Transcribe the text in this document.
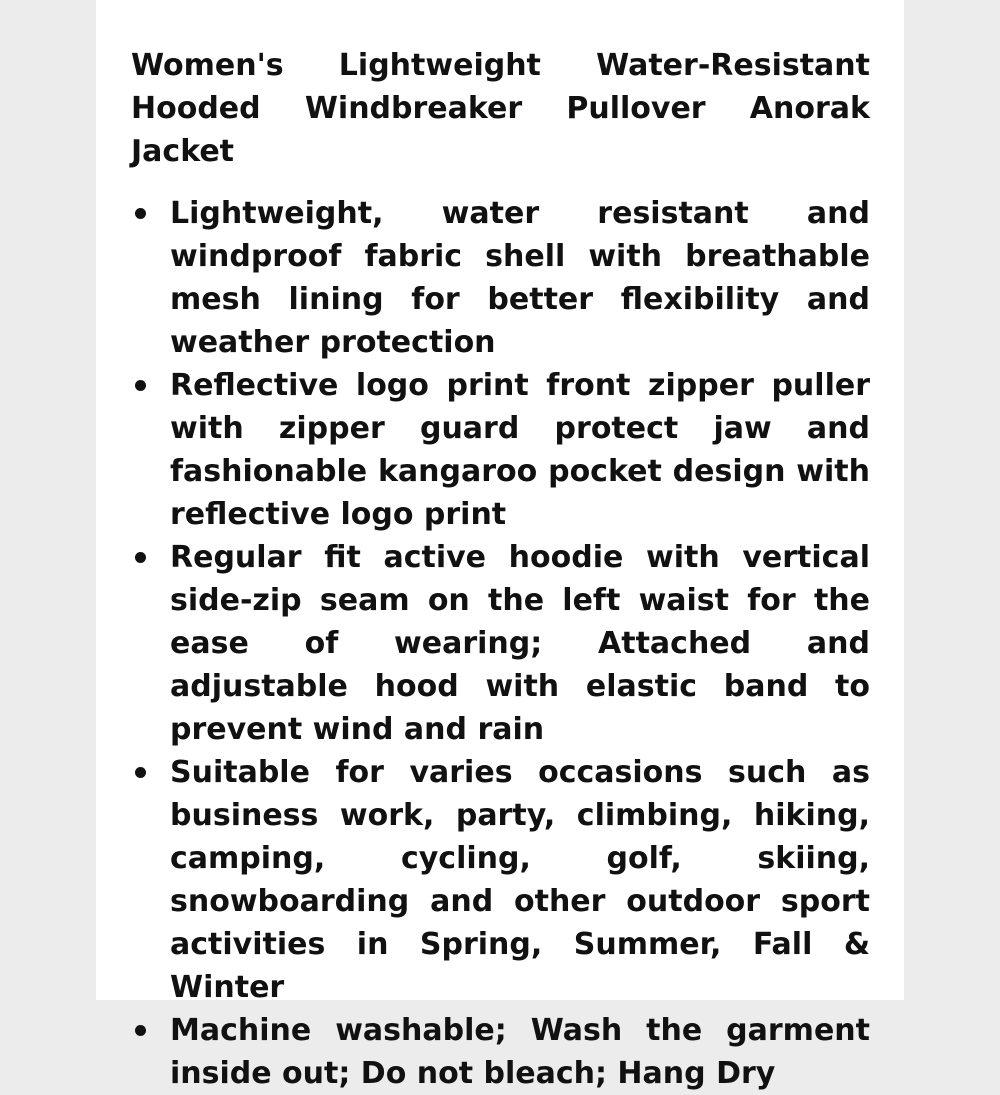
Women's Lightweight Water-Resistant Hooded Windbreaker Pullover Anorak Jacket
Lightweight, water resistant and windproof fabric shell with breathable mesh lining for better flexibility and weather protection
Reflective logo print front zipper puller with zipper guard protect jaw and fashionable kangaroo pocket design with reflective logo print
Regular fit active hoodie with vertical side-zip seam on the left waist for the ease of wearing; Attached and adjustable hood with elastic band to prevent wind and rain
Suitable for varies occasions such as business work, party, climbing, hiking, camping, cycling, golf, skiing, snowboarding and other outdoor sport activities in Spring, Summer, Fall & Winter
Machine washable; Wash the garment inside out; Do not bleach; Hang Dry
